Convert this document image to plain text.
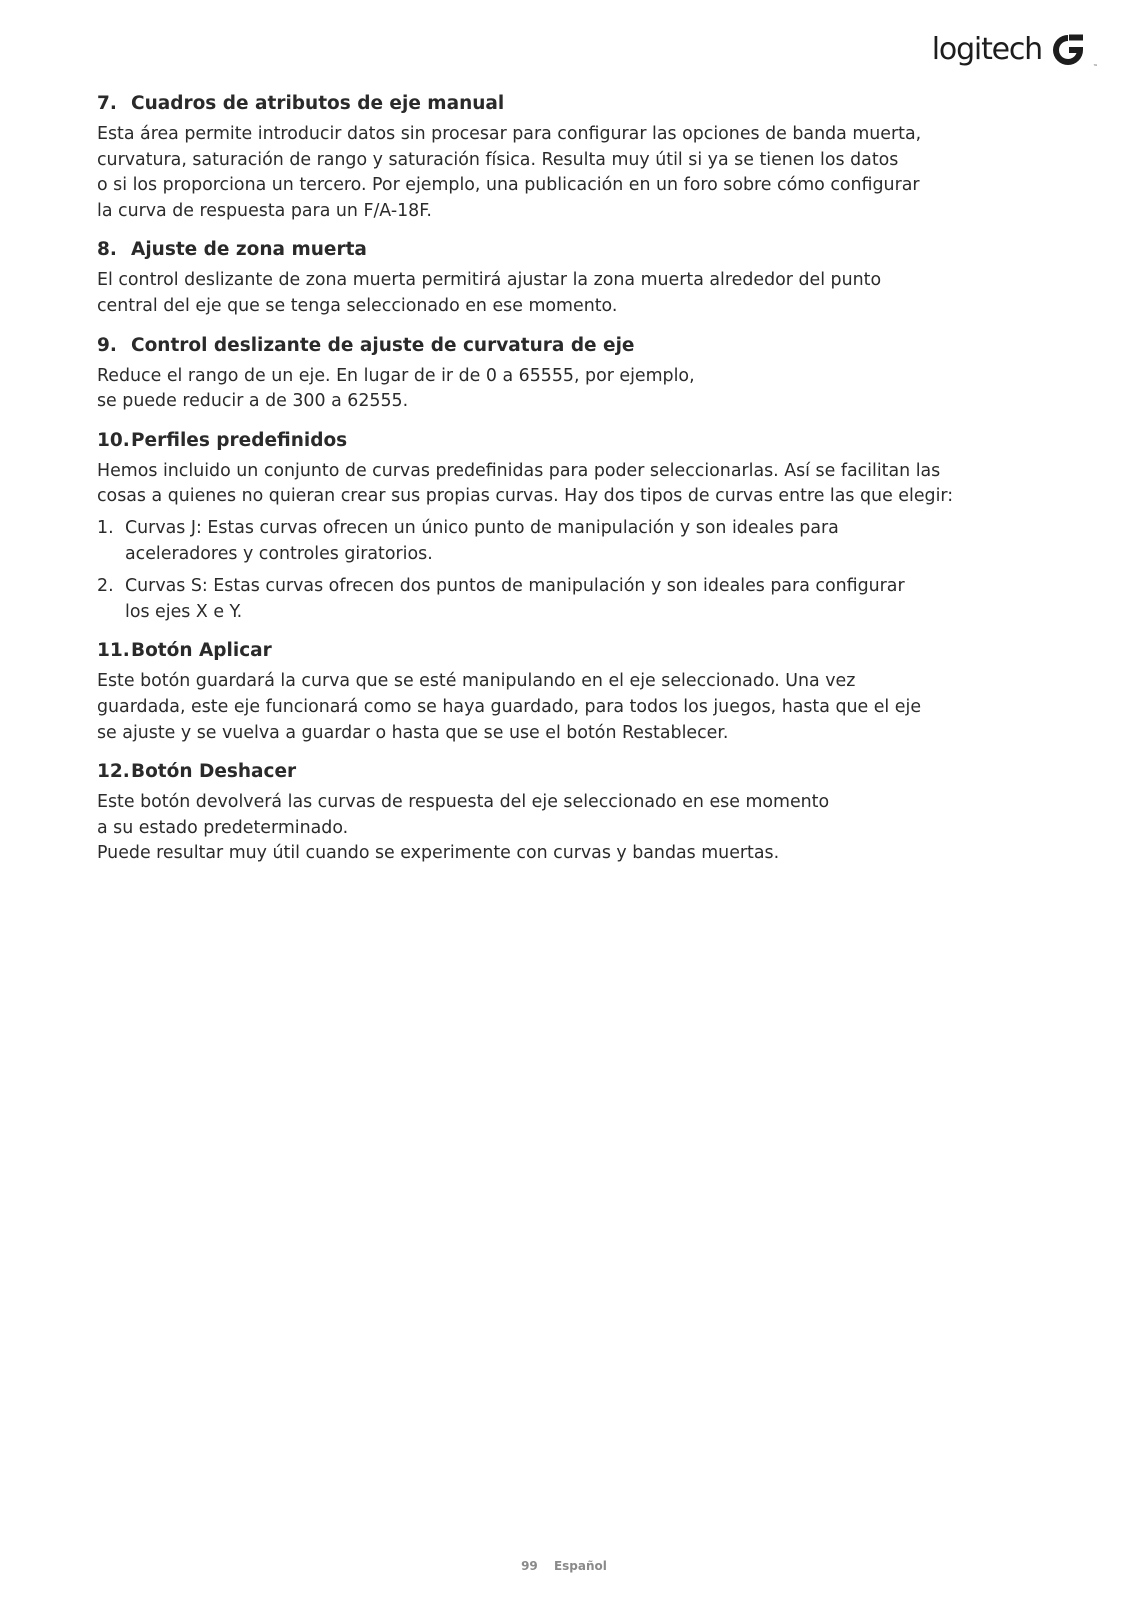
logitech	™
7. Cuadros de atributos de eje manual
Esta área permite introducir datos sin procesar para configurar las opciones de banda muerta,
curvatura, saturación de rango y saturación física. Resulta muy útil si ya se tienen los datos
o si los proporciona un tercero. Por ejemplo, una publicación en un foro sobre cómo configurar
la curva de respuesta para un F/A-18F.
8. Ajuste de zona muerta
El control deslizante de zona muerta permitirá ajustar la zona muerta alrededor del punto
central del eje que se tenga seleccionado en ese momento.
9. Control deslizante de ajuste de curvatura de eje
Reduce el rango de un eje. En lugar de ir de 0 a 65555, por ejemplo,
se puede reducir a de 300 a 62555.
10. Perfiles predefinidos
Hemos incluido un conjunto de curvas predefinidas para poder seleccionarlas. Así se facilitan las
cosas a quienes no quieran crear sus propias curvas. Hay dos tipos de curvas entre las que elegir:
1. Curvas J: Estas curvas ofrecen un único punto de manipulación y son ideales para
aceleradores y controles giratorios.
2. Curvas S: Estas curvas ofrecen dos puntos de manipulación y son ideales para configurar
los ejes X e Y.
11. Botón Aplicar
Este botón guardará la curva que se esté manipulando en el eje seleccionado. Una vez
guardada, este eje funcionará como se haya guardado, para todos los juegos, hasta que el eje
se ajuste y se vuelva a guardar o hasta que se use el botón Restablecer.
12. Botón Deshacer
Este botón devolverá las curvas de respuesta del eje seleccionado en ese momento
a su estado predeterminado.
Puede resultar muy útil cuando se experimente con curvas y bandas muertas.
99 Español
